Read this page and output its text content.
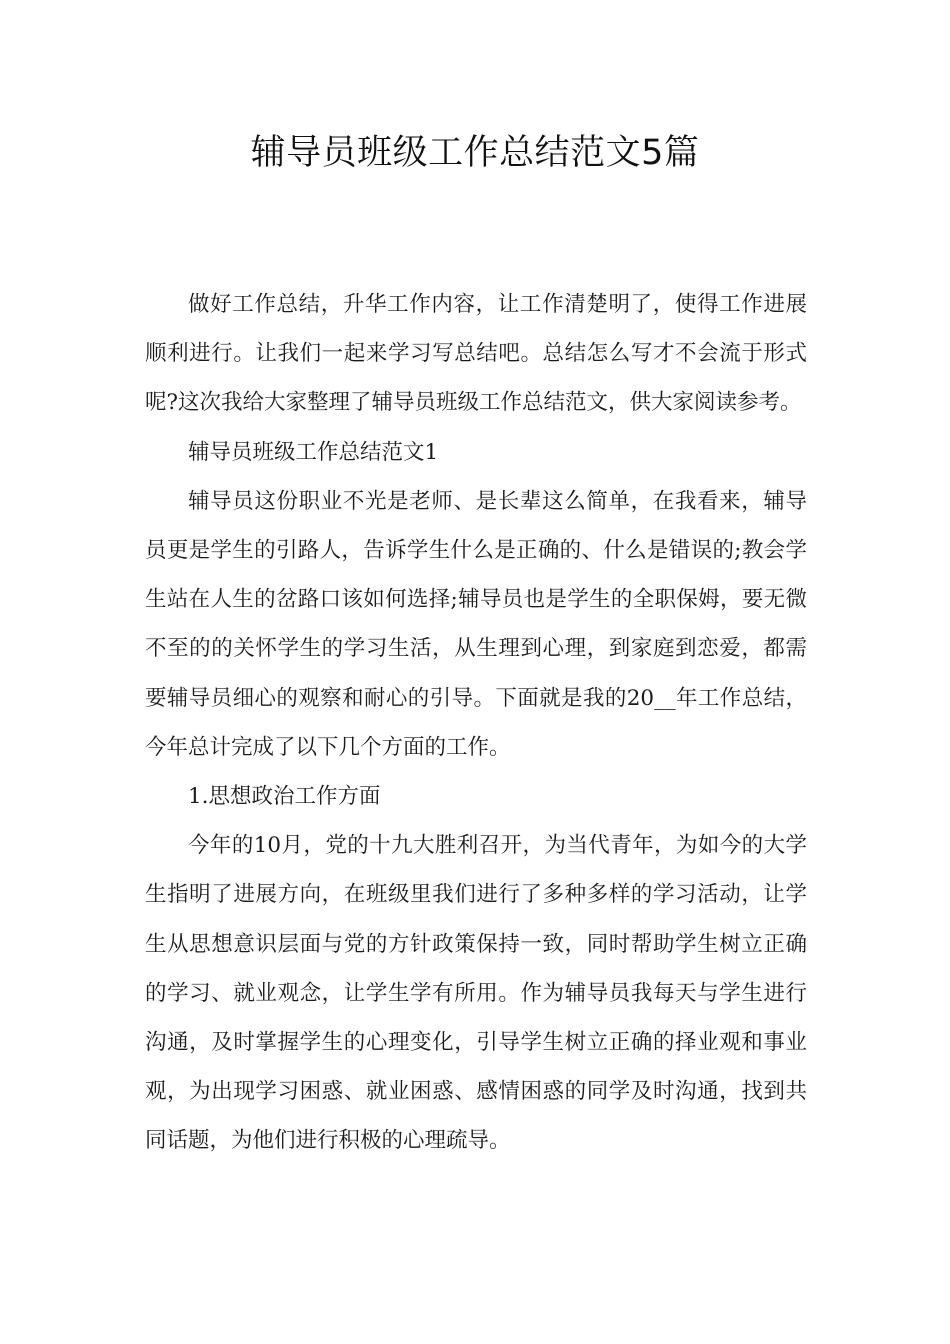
辅导员班级工作总结范文5篇

做好工作总结，升华工作内容，让工作清楚明了，使得工作进展顺利进行。让我们一起来学习写总结吧。总结怎么写才不会流于形式呢?这次我给大家整理了辅导员班级工作总结范文，供大家阅读参考。

辅导员班级工作总结范文1

辅导员这份职业不光是老师、是长辈这么简单，在我看来，辅导员更是学生的引路人，告诉学生什么是正确的、什么是错误的;教会学生站在人生的岔路口该如何选择;辅导员也是学生的全职保姆，要无微不至的的关怀学生的学习生活，从生理到心理，到家庭到恋爱，都需要辅导员细心的观察和耐心的引导。下面就是我的20__年工作总结，今年总计完成了以下几个方面的工作。

1.思想政治工作方面

今年的10月，党的十九大胜利召开，为当代青年，为如今的大学生指明了进展方向，在班级里我们进行了多种多样的学习活动，让学生从思想意识层面与党的方针政策保持一致，同时帮助学生树立正确的学习、就业观念，让学生学有所用。作为辅导员我每天与学生进行沟通，及时掌握学生的心理变化，引导学生树立正确的择业观和事业观，为出现学习困惑、就业困惑、感情困惑的同学及时沟通，找到共同话题，为他们进行积极的心理疏导。
